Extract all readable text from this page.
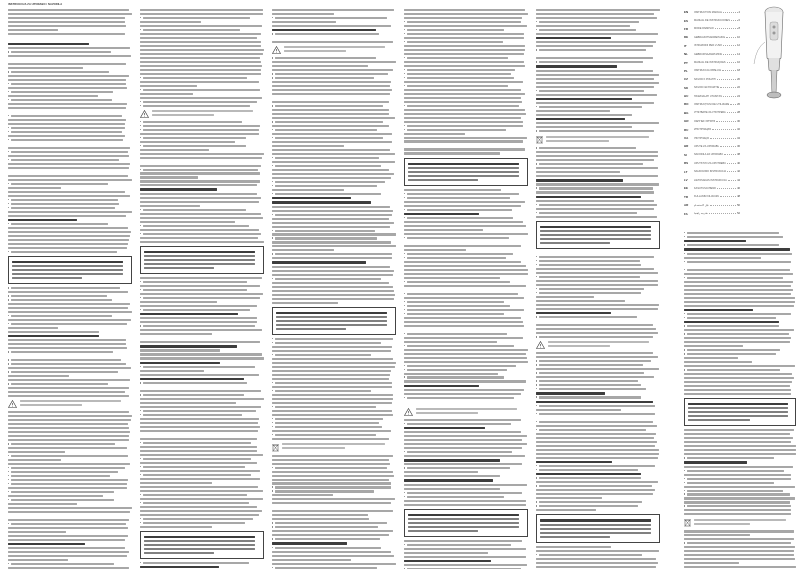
INSTRUKCIJA ZA UPORABO / NAVODILA
EN	INSTRUCTION MANUAL	4
ES	MANUAL DE INSTRUCCIONES	6
FR	MODE D'EMPLOI	8
DE	GEBRAUCHSANWEISUNG	10
IT	ISTRUZIONI PER L'USO	12
NL	GEBRUIKSAANWIJZING	14
PT	MANUAL DE INSTRUÇÕES	16
PL	INSTRUKCJA OBSŁUGI	18
CZ	NÁVOD K POUŽITÍ	20
SK	NÁVOD NA POUŽITIE	22
HU	HASZNÁLATI UTASÍTÁS	24
RO	INSTRUCȚIUNI DE UTILIZARE	26
BG	УПЪТВАНЕ ЗА УПОТРЕБА	28
GR	ΟΔΗΓΙΕΣ ΧΡΗΣΗΣ	30
RU	ИНСТРУКЦИЯ	32
UA	ІНСТРУКЦІЯ	34
HR	UPUTE ZA UPORABU	36
SI	NAVODILA ZA UPORABO	38
RS	UPUTSTVO ZA UPOTREBU	40
LT	NAUDOJIMO INSTRUKCIJA	42
LV	LIETOŠANAS INSTRUKCIJA	44
EE	KASUTUSJUHEND	46
TR	KULLANIM KILAVUZU	48
AR	دليل الاستخدام	50
FA	دفترچه راهنما	52
